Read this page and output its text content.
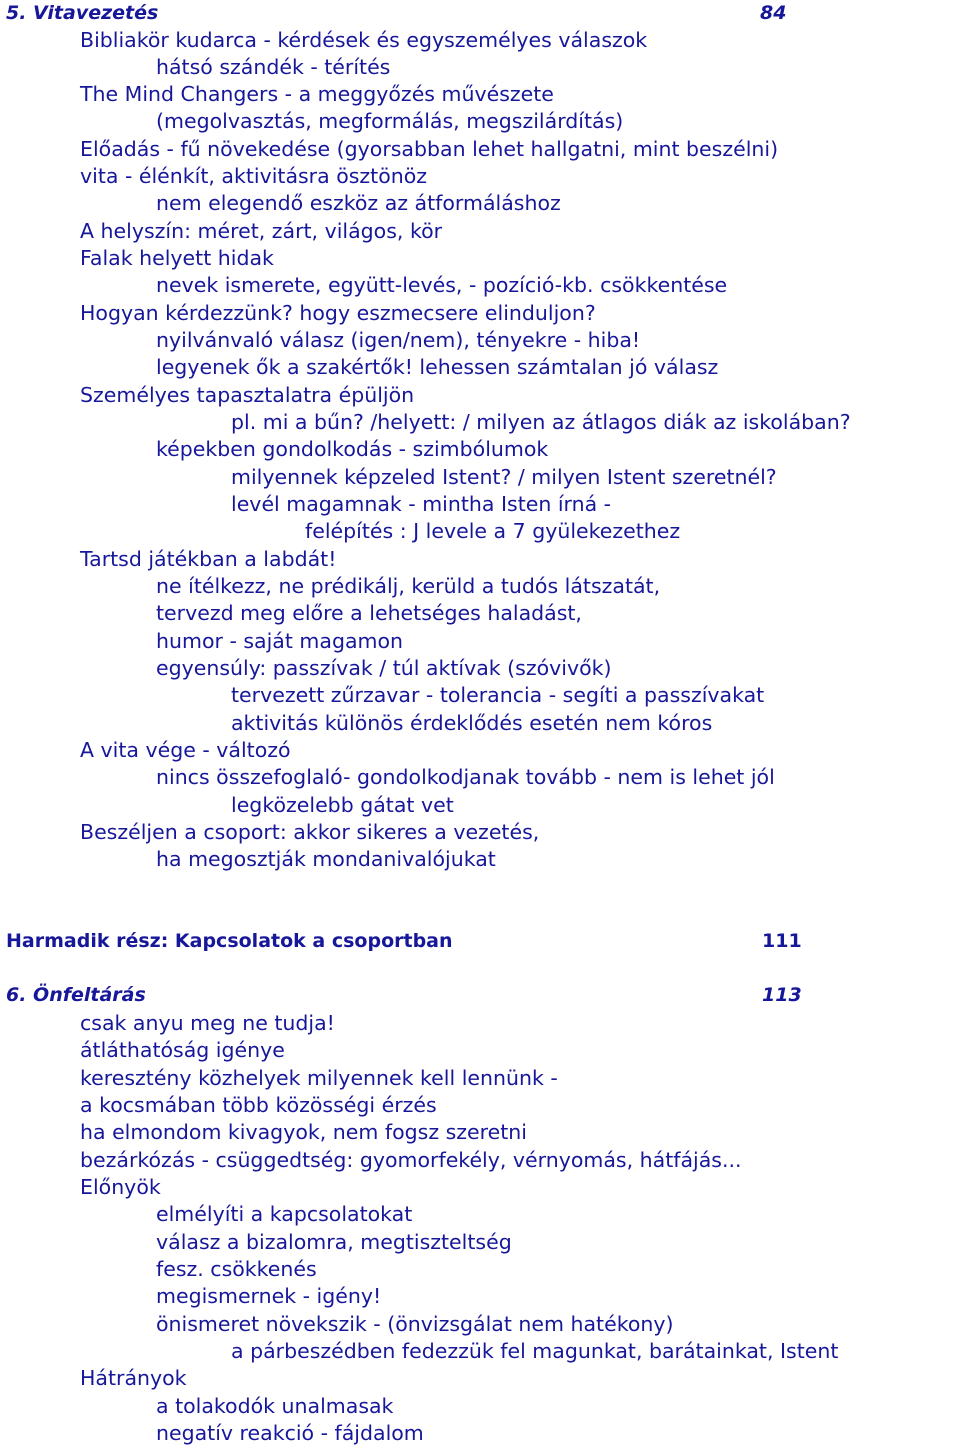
5. Vitavezetés	84
Bibliakör kudarca - kérdések és egyszemélyes válaszok
hátsó szándék - térítés
The Mind Changers - a meggyőzés művészete
(megolvasztás, megformálás, megszilárdítás)
Előadás - fű növekedése (gyorsabban lehet hallgatni, mint beszélni)
vita - élénkít, aktivitásra ösztönöz
nem elegendő eszköz az átformáláshoz
A helyszín: méret, zárt, világos, kör
Falak helyett hidak
nevek ismerete, együtt-levés, - pozíció-kb. csökkentése
Hogyan kérdezzünk? hogy eszmecsere elinduljon?
nyilvánvaló válasz (igen/nem), tényekre - hiba!
legyenek ők a szakértők! lehessen számtalan jó válasz
Személyes tapasztalatra épüljön
pl. mi a bűn? /helyett: / milyen az átlagos diák az iskolában?
képekben gondolkodás - szimbólumok
milyennek képzeled Istent? / milyen Istent szeretnél?
levél magamnak - mintha Isten írná -
felépítés : J levele a 7 gyülekezethez
Tartsd játékban a labdát!
ne ítélkezz, ne prédikálj, kerüld a tudós látszatát,
tervezd meg előre a lehetséges haladást,
humor - saját magamon
egyensúly: passzívak / túl aktívak (szóvivők)
tervezett zűrzavar - tolerancia - segíti a passzívakat
aktivitás különös érdeklődés esetén nem kóros
A vita vége - változó
nincs összefoglaló- gondolkodjanak tovább - nem is lehet jól
legközelebb gátat vet
Beszéljen a csoport: akkor sikeres a vezetés,
ha megosztják mondanivalójukat
Harmadik rész: Kapcsolatok a csoportban	111
6. Önfeltárás	113
csak anyu meg ne tudja!
átláthatóság igénye
keresztény közhelyek milyennek kell lennünk -
a kocsmában több közösségi érzés
ha elmondom kivagyok, nem fogsz szeretni
bezárkózás - csüggedtség: gyomorfekély, vérnyomás, hátfájás...
Előnyök
elmélyíti a kapcsolatokat
válasz a bizalomra, megtiszteltség
fesz. csökkenés
megismernek - igény!
önismeret növekszik - (önvizsgálat nem hatékony)
a párbeszédben fedezzük fel magunkat, barátainkat, Istent
Hátrányok
a tolakodók unalmasak
negatív reakció - fájdalom
